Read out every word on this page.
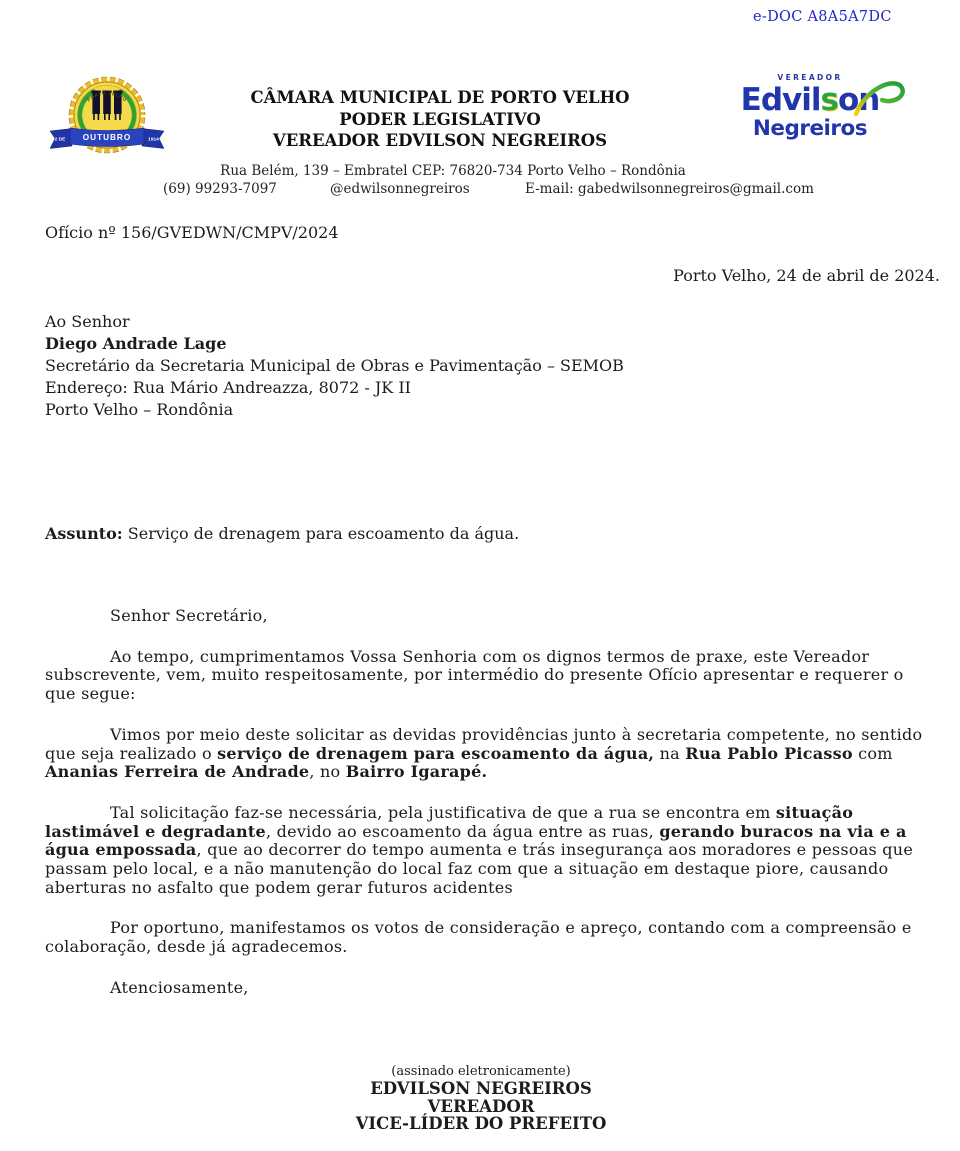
e-DOC A8A5A7DC
PORTO VELHO
OUTUBRO
2 DE	1914
CÂMARA MUNICIPAL DE PORTO VELHO
PODER LEGISLATIVO
VEREADOR EDVILSON NEGREIROS
VEREADOR
Edvilson
Negreiros
Rua Belém, 139 – Embratel CEP: 76820-734 Porto Velho – Rondônia
(69) 99293-7097	@edwilsonnegreiros	E-mail: gabedwilsonnegreiros@gmail.com
Ofício nº 156/GVEDWN/CMPV/2024
Porto Velho, 24 de abril de 2024.
Ao Senhor
Diego Andrade Lage
Secretário da Secretaria Municipal de Obras e Pavimentação – SEMOB
Endereço: Rua Mário Andreazza, 8072 - JK II
Porto Velho – Rondônia
Assunto: Serviço de drenagem para escoamento da água.

Senhor Secretário,

Ao tempo, cumprimentamos Vossa Senhoria com os dignos termos de praxe, este Vereador subscrevente, vem, muito respeitosamente, por intermédio do presente Ofício apresentar e requerer o que segue:

Vimos por meio deste solicitar as devidas providências junto à secretaria competente, no sentido que seja realizado o serviço de drenagem para escoamento da água, na Rua Pablo Picasso com Ananias Ferreira de Andrade, no Bairro Igarapé.

Tal solicitação faz-se necessária, pela justificativa de que a rua se encontra em situação lastimável e degradante, devido ao escoamento da água entre as ruas, gerando buracos na via e a água empossada, que ao decorrer do tempo aumenta e trás insegurança aos moradores e pessoas que passam pelo local, e a não manutenção do local faz com que a situação em destaque piore, causando aberturas no asfalto que podem gerar futuros acidentes

Por oportuno, manifestamos os votos de consideração e apreço, contando com a compreensão e colaboração, desde já agradecemos.

Atenciosamente,

(assinado eletronicamente)
EDVILSON NEGREIROS
VEREADOR
VICE-LÍDER DO PREFEITO
